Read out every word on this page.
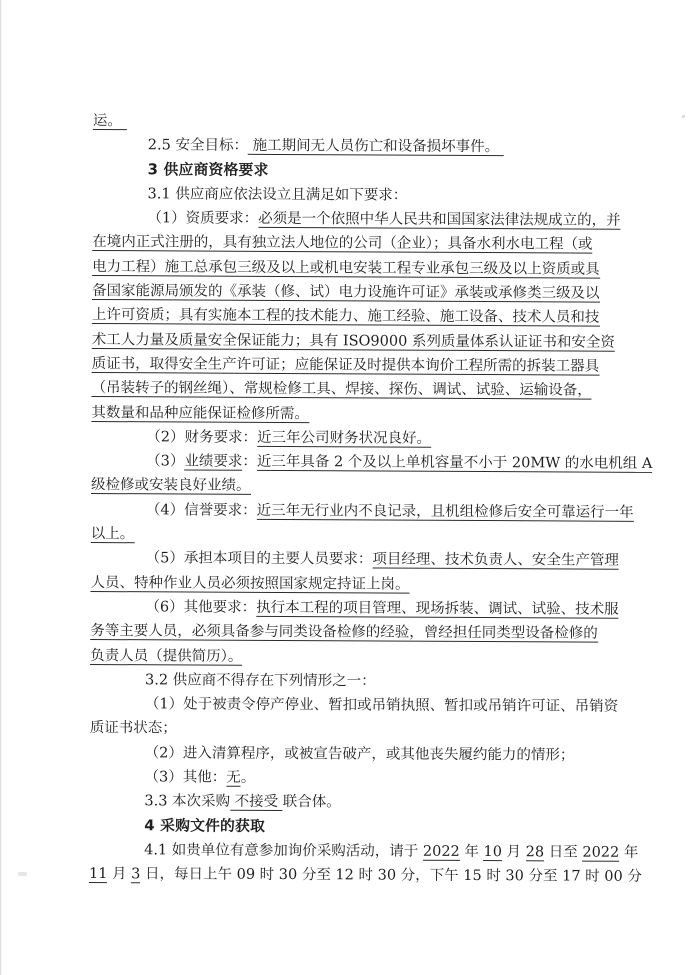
运。
2.5 安全目标： 施工期间无人员伤亡和设备损坏事件。
3 供应商资格要求
3.1 供应商应依法设立且满足如下要求：
（1）资质要求：必须是一个依照中华人民共和国国家法律法规成立的，并
在境内正式注册的，具有独立法人地位的公司（企业）；具备水利水电工程（或
电力工程）施工总承包三级及以上或机电安装工程专业承包三级及以上资质或具
备国家能源局颁发的《承装（修、试）电力设施许可证》承装或承修类三级及以
上许可资质；具有实施本工程的技术能力、施工经验、施工设备、技术人员和技
术工人力量及质量安全保证能力；具有 ISO9000 系列质量体系认证证书和安全资
质证书，取得安全生产许可证；应能保证及时提供本询价工程所需的拆装工器具
（吊装转子的钢丝绳）、常规检修工具、焊接、探伤、调试、试验、运输设备，
其数量和品种应能保证检修所需。
（2）财务要求：近三年公司财务状况良好。
（3）业绩要求：近三年具备 2 个及以上单机容量不小于 20MW 的水电机组 A
级检修或安装良好业绩。
（4）信誉要求：近三年无行业内不良记录，且机组检修后安全可靠运行一年
以上。
（5）承担本项目的主要人员要求：项目经理、技术负责人、安全生产管理
人员、特种作业人员必须按照国家规定持证上岗。
（6）其他要求：执行本工程的项目管理、现场拆装、调试、试验、技术服
务等主要人员，必须具备参与同类设备检修的经验，曾经担任同类型设备检修的
负责人员（提供简历）。
3.2 供应商不得存在下列情形之一：
（1）处于被责令停产停业、暂扣或吊销执照、暂扣或吊销许可证、吊销资
质证书状态；
（2）进入清算程序，或被宣告破产，或其他丧失履约能力的情形；
（3）其他：无。
3.3 本次采购 不接受 联合体。
4 采购文件的获取
4.1 如贵单位有意参加询价采购活动，请于 2022 年 10 月 28 日至 2022 年
11 月 3 日，每日上午 09 时 30 分至 12 时 30 分，下午 15 时 30 分至 17 时 00 分
